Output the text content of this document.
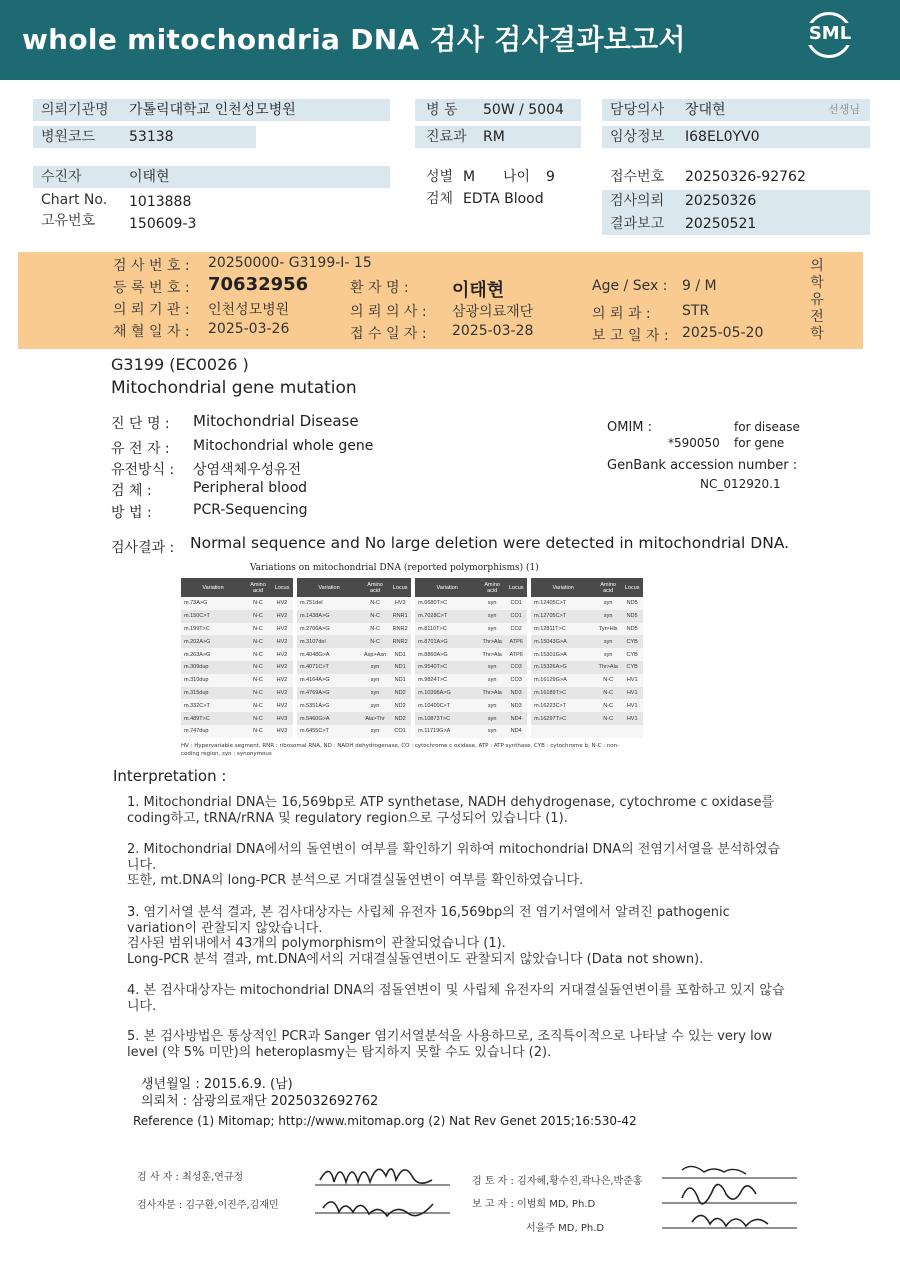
whole mitochondria DNA 검사 검사결과보고서	SML
의뢰기관명 가톨릭대학교 인천성모병원
병원코드 53138
병 동 50W / 5004
진료과 RM
담당의사 장대현	선생님
임상정보 I68EL0YV0
수진자	이태현
Chart No. 1013888
고유번호 150609-3
성별 M 나이 9
검체 EDTA Blood
접수번호 20250326-92762
검사의뢰 20250326
결과보고 20250521
검 사 번 호 : 20250000- G3199-I- 15
등 록 번 호 : 70632956	환 자 명 : 이태현	Age / Sex : 9 / M
의 뢰 기 관 : 인천성모병원	의 뢰 의 사 : 삼광의료재단	의 뢰 과 : STR
채 혈 일 자 : 2025-03-26	접 수 일 자 : 2025-03-28	보 고 일 자 : 2025-05-20
의
학
유
전
학
G3199 (EC0026 )
Mitochondrial gene mutation
진 단 명 : Mitochondrial Disease
유 전 자 : Mitochondrial whole gene
유전방식 : 상염색체우성유전
검 체 :	Peripheral blood
방 법 :	PCR-Sequencing
OMIM :	for disease
*590050 for gene
GenBank accession number :
NC_012920.1
검사결과 : Normal sequence and No large deletion were detected in mitochondrial DNA.
Variations on mitochondrial DNA (reported polymorphisms) (1)
Variation	Amino acid	Locus		Variation	Amino acid	Locus		Variation	Amino acid	Locus		Variation	Amino acid	Locus
m.73A>G	N-C	HV2		m.751del	N-C	HV3		m.6680T>C	syn	CO1		m.12405C>T	syn	ND5
m.150C>T	N-C	HV2		m.1438A>G	N-C	RNR1		m.7028C>T	syn	CO1		m.12705C>T	syn	ND5
m.199T>C	N-C	HV2		m.2706A>G	N-C	RNR2		m.8110T>C	syn	CO2		m.12811T>C	Tyr>His	ND5
m.202A>G	N-C	HV2		m.3107del	N-C	RNR2		m.8701A>G	Thr>Ala	ATP6		m.15043G>A	syn	CYB
m.263A>G	N-C	HV2		m.4048G>A	Asp>Asn	ND1		m.8860A>G	Thr>Ala	ATP6		m.15301G>A	syn	CYB
m.309dup	N-C	HV2		m.4071C>T	syn	ND1		m.9540T>C	syn	CO3		m.15326A>G	Thr>Ala	CYB
m.310dup	N-C	HV2		m.4164A>G	syn	ND1		m.9824T>C	syn	CO3		m.16129G>A	N-C	HV1
m.315dup	N-C	HV2		m.4769A>G	syn	ND2		m.10398A>G	Thr>Ala	ND3		m.16189T>C	N-C	HV1
m.332C>T	N-C	HV2		m.5351A>G	syn	ND2		m.10400C>T	syn	ND3		m.16223C>T	N-C	HV1
m.489T>C	N-C	HV3		m.5460G>A	Ala>Thr	ND2		m.10873T>C	syn	ND4		m.16297T>C	N-C	HV1
m.747dup	N-C	HV3		m.6455C>T	syn	CO1		m.11719G>A	syn	ND4				
HV : Hypervariable segment, RNR : ribosomal RNA, ND : NADH dehydrogenase, CO : cytochrome c oxidase, ATP : ATP synthase, CYB : cytochrome b, N-C : non-coding region, syn : synonymous
Interpretation :

1. Mitochondrial DNA는 16,569bp로 ATP synthetase, NADH dehydrogenase, cytochrome c oxidase를 coding하고, tRNA/rRNA 및 regulatory region으로 구성되어 있습니다 (1).

2. Mitochondrial DNA에서의 돌연변이 여부를 확인하기 위하여 mitochondrial DNA의 전염기서열을 분석하였습니다.

또한, mt.DNA의 long-PCR 분석으로 거대결실돌연변이 여부를 확인하였습니다.

3. 염기서열 분석 결과, 본 검사대상자는 사립체 유전자 16,569bp의 전 염기서열에서 알려진 pathogenic variation이 관찰되지 않았습니다.

검사된 범위내에서 43개의 polymorphism이 관찰되었습니다 (1).

Long-PCR 분석 결과, mt.DNA에서의 거대결실돌연변이도 관찰되지 않았습니다 (Data not shown).

4. 본 검사대상자는 mitochondrial DNA의 점돌연변이 및 사립체 유전자의 거대결실돌연변이를 포함하고 있지 않습니다.

5. 본 검사방법은 통상적인 PCR과 Sanger 염기서열분석을 사용하므로, 조직특이적으로 나타날 수 있는 very low level (약 5% 미만)의 heteroplasmy는 탐지하지 못할 수도 있습니다 (2).

생년월일 : 2015.6.9. (남)
의뢰처 : 삼광의료재단 2025032692762
Reference (1) Mitomap; http://www.mitomap.org (2) Nat Rev Genet 2015;16:530-42
검 사 자 : 최성훈,연규정
검사자문 : 김구환,이진주,김재민
검 토 자 : 김자혜,황수진,곽나은,박준홍
보 고 자 : 이범희 MD, Ph.D
서을주 MD, Ph.D
